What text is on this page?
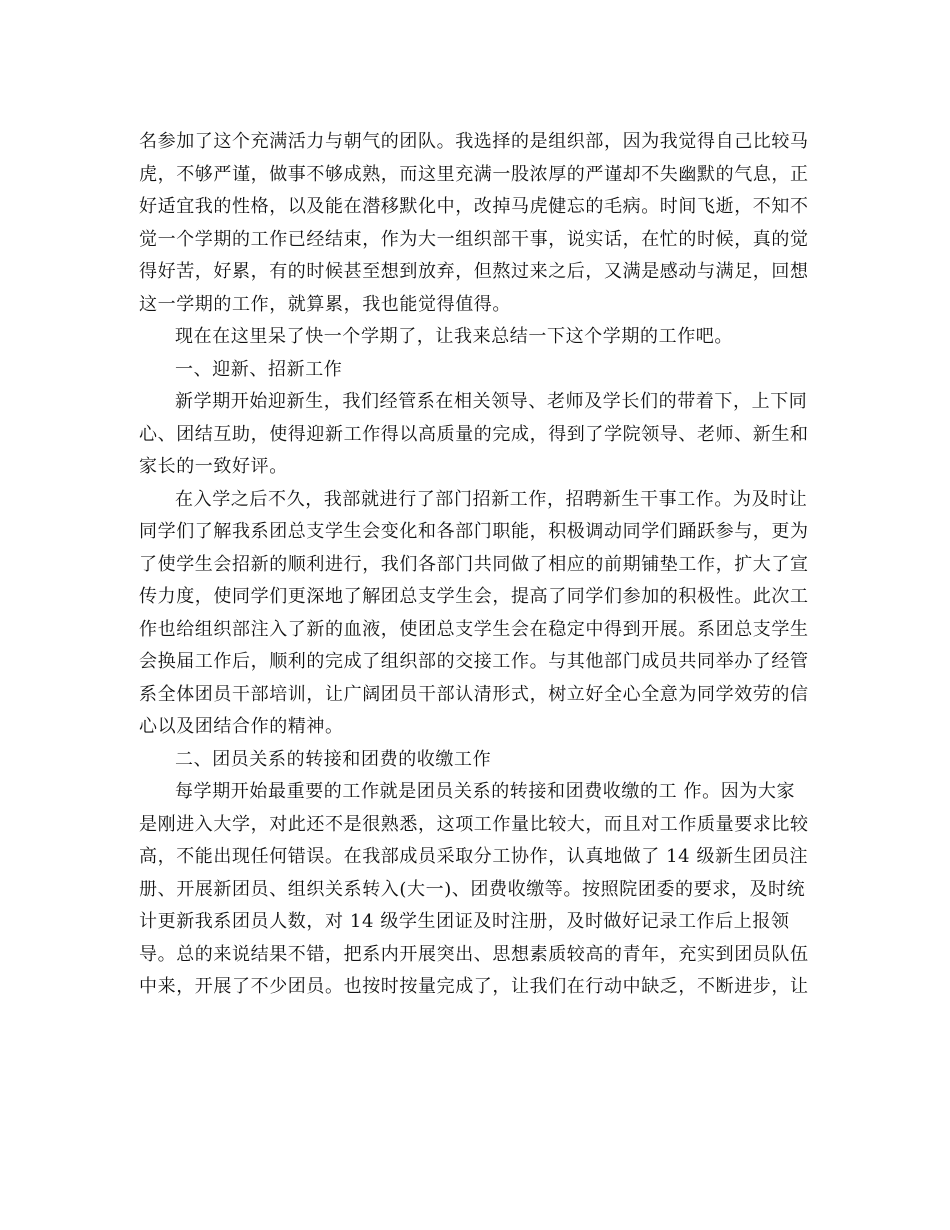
名参加了这个充满活力与朝气的团队。我选择的是组织部，因为我觉得自己比较马
虎，不够严谨，做事不够成熟，而这里充满一股浓厚的严谨却不失幽默的气息，正
好适宜我的性格，以及能在潜移默化中，改掉马虎健忘的毛病。时间飞逝，不知不
觉一个学期的工作已经结束，作为大一组织部干事，说实话，在忙的时候，真的觉
得好苦，好累，有的时候甚至想到放弃，但熬过来之后，又满是感动与满足，回想
这一学期的工作，就算累，我也能觉得值得。
现在在这里呆了快一个学期了，让我来总结一下这个学期的工作吧。
一、迎新、招新工作
新学期开始迎新生，我们经管系在相关领导、老师及学长们的带着下，上下同
心、团结互助，使得迎新工作得以高质量的完成，得到了学院领导、老师、新生和
家长的一致好评。
在入学之后不久，我部就进行了部门招新工作，招聘新生干事工作。为及时让
同学们了解我系团总支学生会变化和各部门职能，积极调动同学们踊跃参与，更为
了使学生会招新的顺利进行，我们各部门共同做了相应的前期铺垫工作，扩大了宣
传力度，使同学们更深地了解团总支学生会，提高了同学们参加的积极性。此次工
作也给组织部注入了新的血液，使团总支学生会在稳定中得到开展。系团总支学生
会换届工作后，顺利的完成了组织部的交接工作。与其他部门成员共同举办了经管
系全体团员干部培训，让广阔团员干部认清形式，树立好全心全意为同学效劳的信
心以及团结合作的精神。
二、团员关系的转接和团费的收缴工作
每学期开始最重要的工作就是团员关系的转接和团费收缴的工 作。因为大家
是刚进入大学，对此还不是很熟悉，这项工作量比较大，而且对工作质量要求比较
高，不能出现任何错误。在我部成员采取分工协作，认真地做了 14 级新生团员注
册、开展新团员、组织关系转入(大一)、团费收缴等。按照院团委的要求，及时统
计更新我系团员人数，对 14 级学生团证及时注册，及时做好记录工作后上报领
导。总的来说结果不错，把系内开展突出、思想素质较高的青年，充实到团员队伍
中来，开展了不少团员。也按时按量完成了，让我们在行动中缺乏，不断进步，让
